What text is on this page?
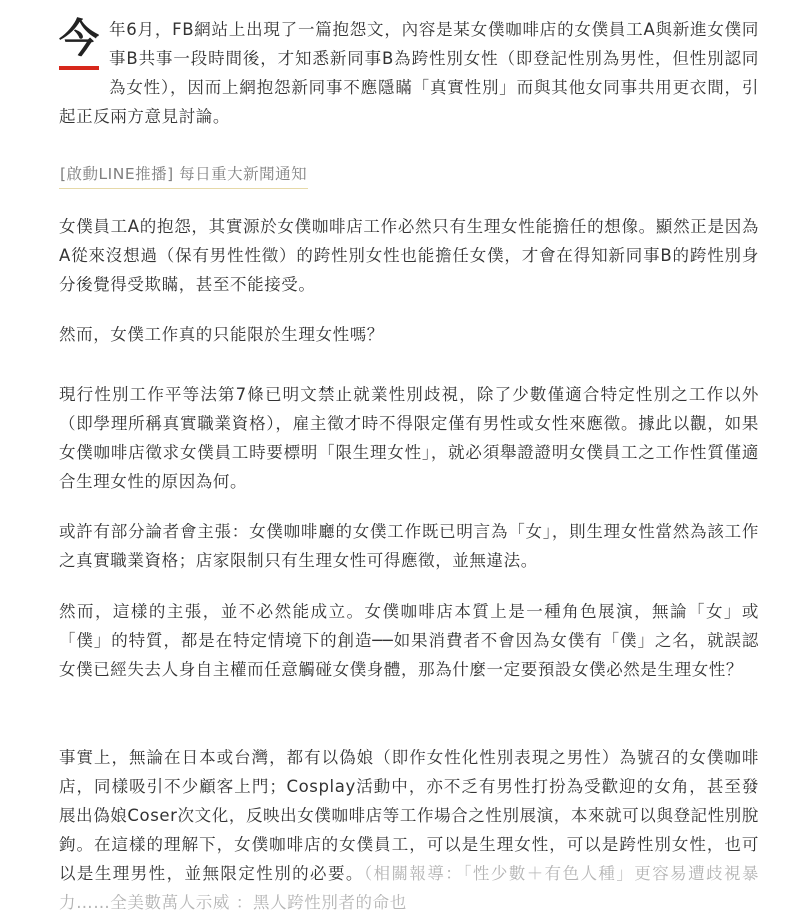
今年6月，FB網站上出現了一篇抱怨文，內容是某女僕咖啡店的女僕員工A與新進女僕同事B共事一段時間後，才知悉新同事B為跨性別女性（即登記性別為男性，但性別認同為女性），因而上網抱怨新同事不應隱瞞「真實性別」而與其他女同事共用更衣間，引起正反兩方意見討論。

[啟動LINE推播] 每日重大新聞通知

女僕員工A的抱怨，其實源於女僕咖啡店工作必然只有生理女性能擔任的想像。顯然正是因為A從來沒想過（保有男性性徵）的跨性別女性也能擔任女僕，才會在得知新同事B的跨性別身分後覺得受欺瞞，甚至不能接受。

然而，女僕工作真的只能限於生理女性嗎？

現行性別工作平等法第7條已明文禁止就業性別歧視，除了少數僅適合特定性別之工作以外（即學理所稱真實職業資格），雇主徵才時不得限定僅有男性或女性來應徵。據此以觀，如果女僕咖啡店徵求女僕員工時要標明「限生理女性」，就必須舉證證明女僕員工之工作性質僅適合生理女性的原因為何。

或許有部分論者會主張：女僕咖啡廳的女僕工作既已明言為「女」，則生理女性當然為該工作之真實職業資格；店家限制只有生理女性可得應徵，並無違法。

然而，這樣的主張，並不必然能成立。女僕咖啡店本質上是一種角色展演，無論「女」或「僕」的特質，都是在特定情境下的創造──如果消費者不會因為女僕有「僕」之名，就誤認女僕已經失去人身自主權而任意觸碰女僕身體，那為什麼一定要預設女僕必然是生理女性？

事實上，無論在日本或台灣，都有以偽娘（即作女性化性別表現之男性）為號召的女僕咖啡店，同樣吸引不少顧客上門；Cosplay活動中，亦不乏有男性打扮為受歡迎的女角，甚至發展出偽娘Coser次文化，反映出女僕咖啡店等工作場合之性別展演，本來就可以與登記性別脫鉤。在這樣的理解下，女僕咖啡店的女僕員工，可以是生理女性，可以是跨性別女性，也可以是生理男性，並無限定性別的必要。（相關報導：「性少數＋有色人種」更容易遭歧視暴力……全美數萬人示威 ：黑人跨性別者的命也
